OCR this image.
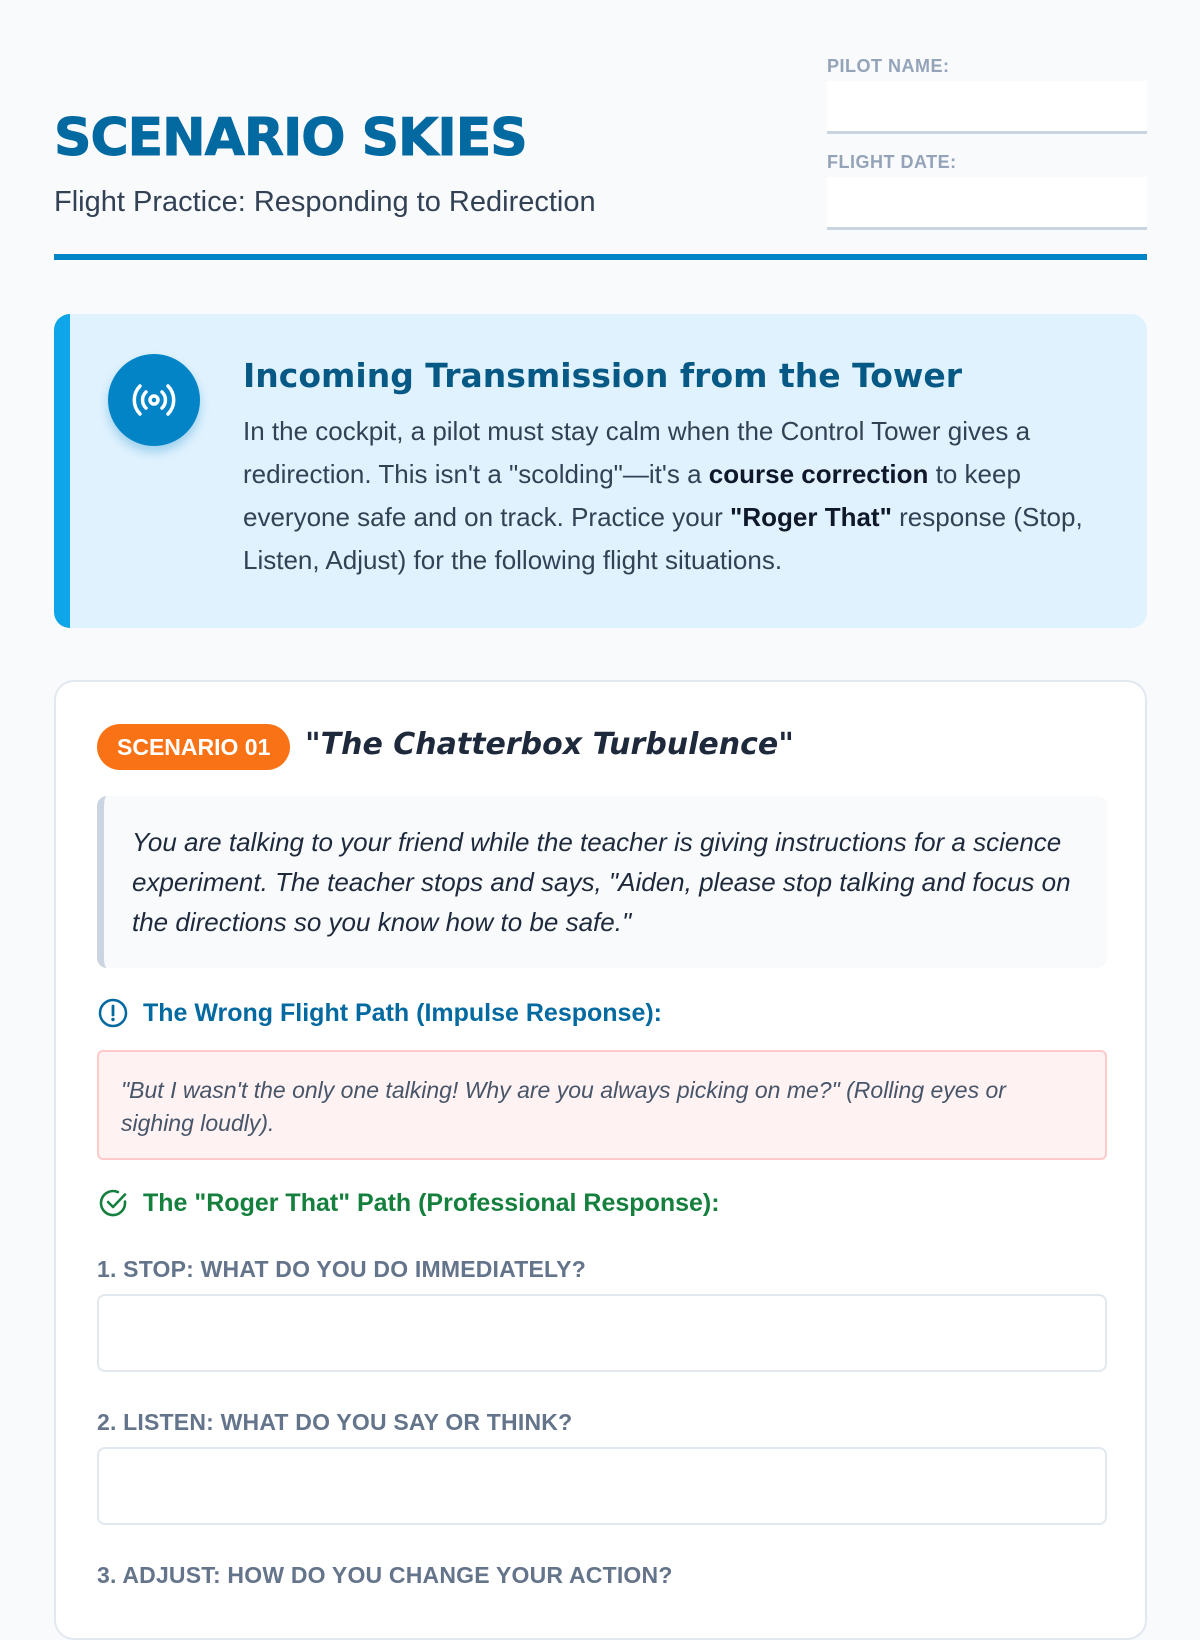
SCENARIO SKIES
Flight Practice: Responding to Redirection
PILOT NAME:
FLIGHT DATE:
Incoming Transmission from the Tower

In the cockpit, a pilot must stay calm when the Control Tower gives a redirection. This isn't a "scolding"—it's a course correction to keep everyone safe and on track. Practice your "Roger That" response (Stop, Listen, Adjust) for the following flight situations.

SCENARIO 01	"The Chatterbox Turbulence"
You are talking to your friend while the teacher is giving instructions for a science experiment. The teacher stops and says, "Aiden, please stop talking and focus on the directions so you know how to be safe."
The Wrong Flight Path (Impulse Response):
"But I wasn't the only one talking! Why are you always picking on me?" (Rolling eyes or sighing loudly).
The "Roger That" Path (Professional Response):
1. STOP: WHAT DO YOU DO IMMEDIATELY?
2. LISTEN: WHAT DO YOU SAY OR THINK?
3. ADJUST: HOW DO YOU CHANGE YOUR ACTION?
